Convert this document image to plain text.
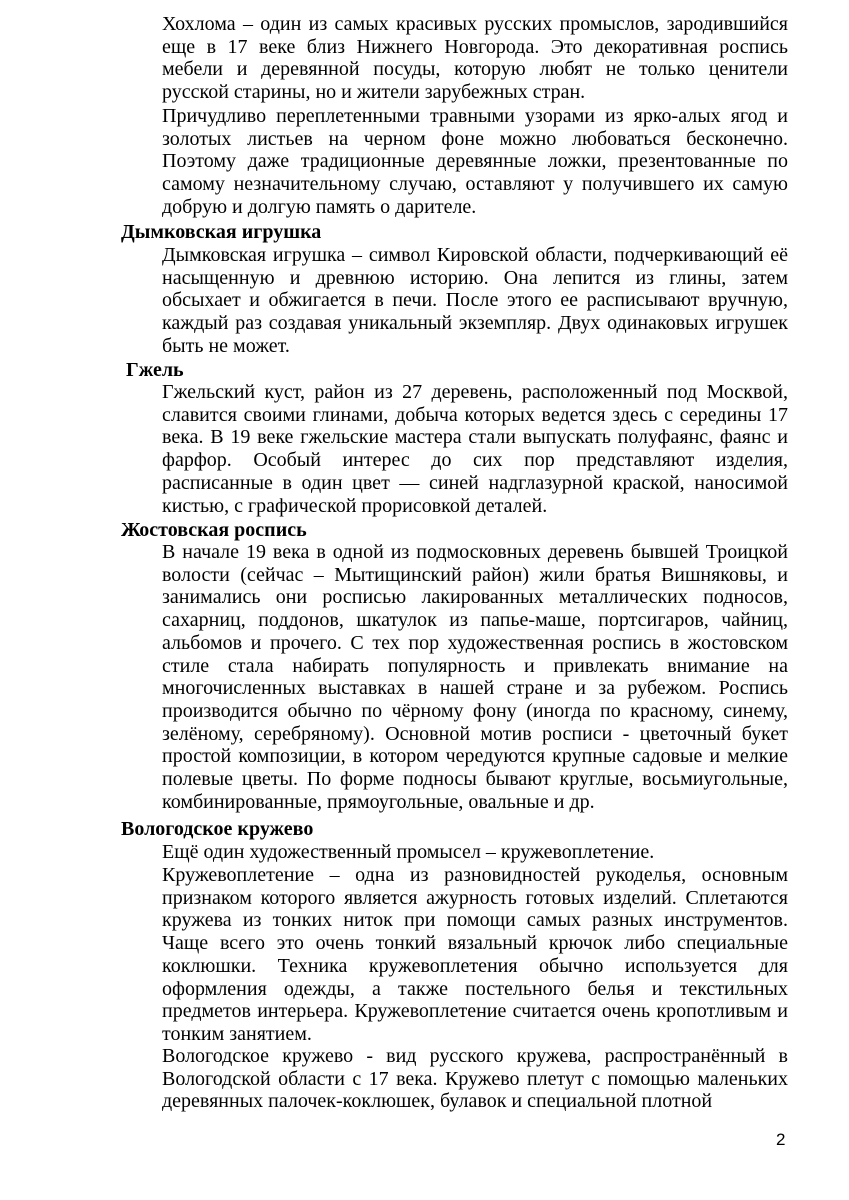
Хохлома – один из самых красивых русских промыслов, зародившийся еще в 17 веке близ Нижнего Новгорода. Это декоративная роспись мебели и деревянной посуды, которую любят не только ценители русской старины, но и жители зарубежных стран.

Причудливо переплетенными травными узорами из ярко-алых ягод и золотых листьев на черном фоне можно любоваться бесконечно. Поэтому даже традиционные деревянные ложки, презентованные по самому незначительному случаю, оставляют у получившего их самую добрую и долгую память о дарителе.

Дымковская игрушка

Дымковская игрушка – символ Кировской области, подчеркивающий её насыщенную и древнюю историю. Она лепится из глины, затем обсыхает и обжигается в печи. После этого ее расписывают вручную, каждый раз создавая уникальный экземпляр. Двух одинаковых игрушек быть не может.

Гжель

Гжельский куст, район из 27 деревень, расположенный под Москвой, славится своими глинами, добыча которых ведется здесь с середины 17 века. В 19 веке гжельские мастера стали выпускать полуфаянс, фаянс и фарфор. Особый интерес до сих пор представляют изделия, расписанные в один цвет — синей надглазурной краской, наносимой кистью, с графической прорисовкой деталей.

Жостовская роспись

В начале 19 века в одной из подмосковных деревень бывшей Троицкой волости (сейчас – Мытищинский район) жили братья Вишняковы, и занимались они росписью лакированных металлических подносов, сахарниц, поддонов, шкатулок из папье-маше, портсигаров, чайниц, альбомов и прочего. С тех пор художественная роспись в жостовском стиле стала набирать популярность и привлекать внимание на многочисленных выставках в нашей стране и за рубежом. Роспись производится обычно по чёрному фону (иногда по красному, синему, зелёному, серебряному). Основной мотив росписи - цветочный букет простой композиции, в котором чередуются крупные садовые и мелкие полевые цветы. По форме подносы бывают круглые, восьмиугольные, комбинированные, прямоугольные, овальные и др.

Вологодское кружево

Ещё один художественный промысел – кружевоплетение.

Кружевоплетение – одна из разновидностей рукоделья, основным признаком которого является ажурность готовых изделий. Сплетаются кружева из тонких ниток при помощи самых разных инструментов. Чаще всего это очень тонкий вязальный крючок либо специальные коклюшки. Техника кружевоплетения обычно используется для оформления одежды, а также постельного белья и текстильных предметов интерьера. Кружевоплетение считается очень кропотливым и тонким занятием.

Вологодское кружево - вид русского кружева, распространённый в Вологодской области с 17 века. Кружево плетут с помощью маленьких деревянных палочек-коклюшек, булавок и специальной плотной

2
